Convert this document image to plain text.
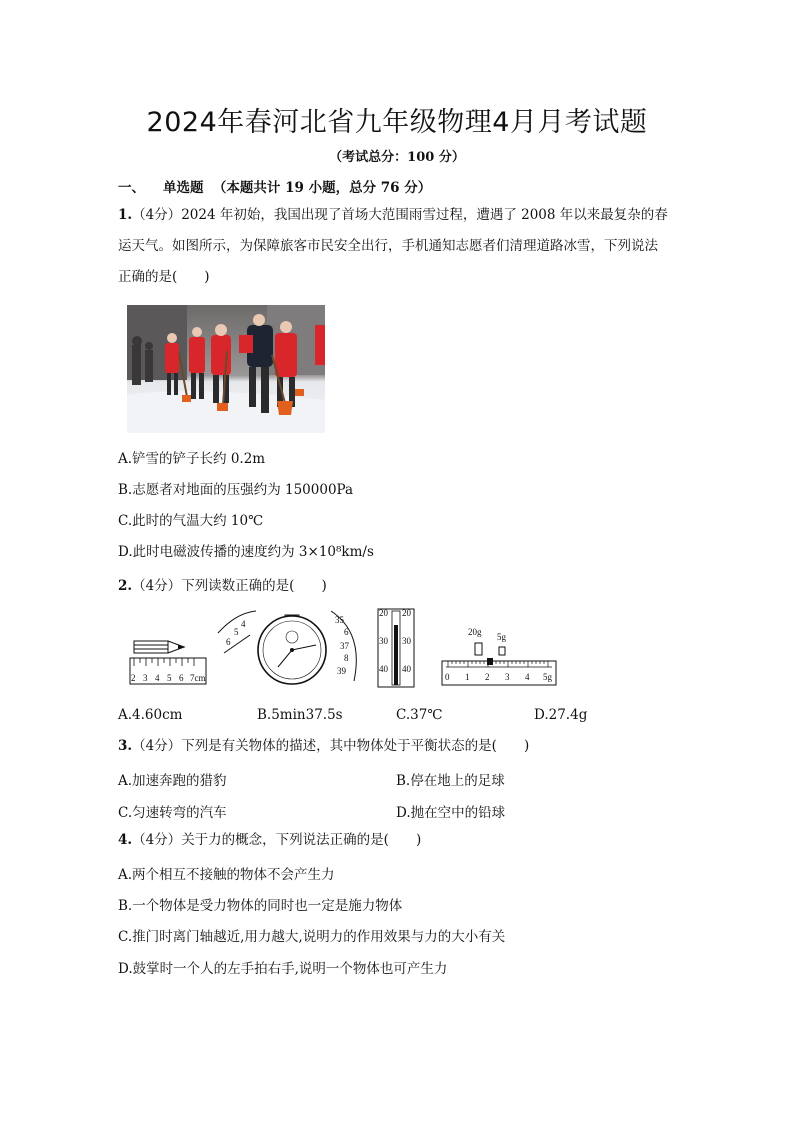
2024年春河北省九年级物理4月月考试题
（考试总分：100 分）
一、 单选题 （本题共计 19 小题，总分 76 分）
1.（4分）2024 年初始，我国出现了首场大范围雨雪过程，遭遇了 2008 年以来最复杂的春
运天气。如图所示，为保障旅客市民安全出行，手机通知志愿者们清理道路冰雪，下列说法
正确的是(　　)
A.铲雪的铲子长约 0.2m
B.志愿者对地面的压强约为 150000Pa
C.此时的气温大约 10℃
D.此时电磁波传播的速度约为 3×10⁸km/s
2.（4分）下列读数正确的是(　　)
2 3 4 5 6 7cm
4
5
6
35
6
37
8
39
20 20
30 30
40 40
20g 5g
0 1 2 3 4 5g
A.4.60cm	B.5min37.5s	C.37℃	D.27.4g
3.（4分）下列是有关物体的描述，其中物体处于平衡状态的是(　　)
A.加速奔跑的猎豹	B.停在地上的足球
C.匀速转弯的汽车	D.抛在空中的铅球
4.（4分）关于力的概念，下列说法正确的是(　　)
A.两个相互不接触的物体不会产生力
B.一个物体是受力物体的同时也一定是施力物体
C.推门时离门轴越近,用力越大,说明力的作用效果与力的大小有关
D.鼓掌时一个人的左手拍右手,说明一个物体也可产生力
